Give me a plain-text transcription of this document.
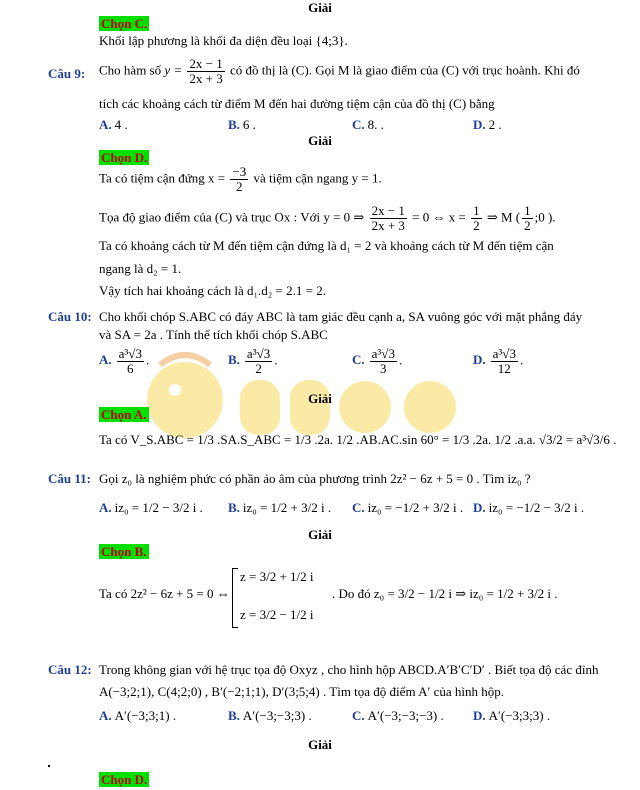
Giải
Chọn C.
Khối lập phương là khối đa diện đều loại {4;3}.
Câu 9: Cho hàm số $y = \frac{2x - 1}{2x + 3}$ có đồ thị là (C). Gọi M là giao điểm của (C) với trục hoành. Khi đó
tích các khoảng cách từ điểm M đến hai đường tiệm cận của đồ thị (C) bằng
A. 4 .	B. 6 .	C. 8. .	D. 2 .
Giải
Chọn D.
Ta có tiệm cận đứng $x = \frac{-3}{2}$ và tiệm cận ngang y = 1.
Tọa độ giao điểm của (C) và trục Ox : Với y = 0 ⇒ $\frac{2x - 1}{2x + 3} = 0$ ⇔ $x = \frac{1}{2}$ ⇒ M ( $\frac{1}{2}$ ;0 ).
Ta có khoảng cách từ M đến tiệm cận đứng là d₁ = 2 và khoảng cách từ M đến tiệm cận
ngang là d₂ = 1.
Vậy tích hai khoảng cách là d₁.d₂ = 2.1 = 2.
Câu 10: Cho khối chóp S.ABC có đáy ABC là tam giác đều cạnh a, SA vuông góc với mặt phẳng đáy
và SA = 2a . Tính thể tích khối chóp S.ABC
A. $\frac{\text{a³√3}}{6}$ .	B. $\frac{\text{a³√3}}{2}$ .	C. $\frac{\text{a³√3}}{3}$ .	D. $\frac{\text{a³√3}}{12}$ .
Giải
Chọn A.
Ta có V_S.ABC = 1/3 .SA.S_ABC = 1/3 .2a. 1/2 .AB.AC.sin 60° = 1/3 .2a. 1/2 .a.a. √3/2 = a³√3/6 .
Câu 11: Gọi z₀ là nghiệm phức có phần ảo âm của phương trình 2z² − 6z + 5 = 0 . Tìm iz₀ ?
A. iz₀ = 1/2 − 3/2 i . B. iz₀ = 1/2 + 3/2 i . C. iz₀ = −1/2 + 3/2 i . D. iz₀ = −1/2 − 3/2 i .
Giải
Chọn B.
Ta có 2z² − 6z + 5 = 0 ⇔
z = 3/2 + 1/2 i
z = 3/2 − 1/2 i
. Do đó z₀ = 3/2 − 1/2 i ⇒ iz₀ = 1/2 + 3/2 i .
Câu 12: Trong không gian với hệ trục tọa độ Oxyz , cho hình hộp ABCD.A′B′C′D′ . Biết tọa độ các đỉnh
A(−3;2;1), C(4;2;0) , B′(−2;1;1), D′(3;5;4) . Tìm tọa độ điểm A′ của hình hộp.
A. A′(−3;3;1) .	B. A′(−3;−3;3) .	C. A′(−3;−3;−3) . D. A′(−3;3;3) .
Giải
Chọn D.
